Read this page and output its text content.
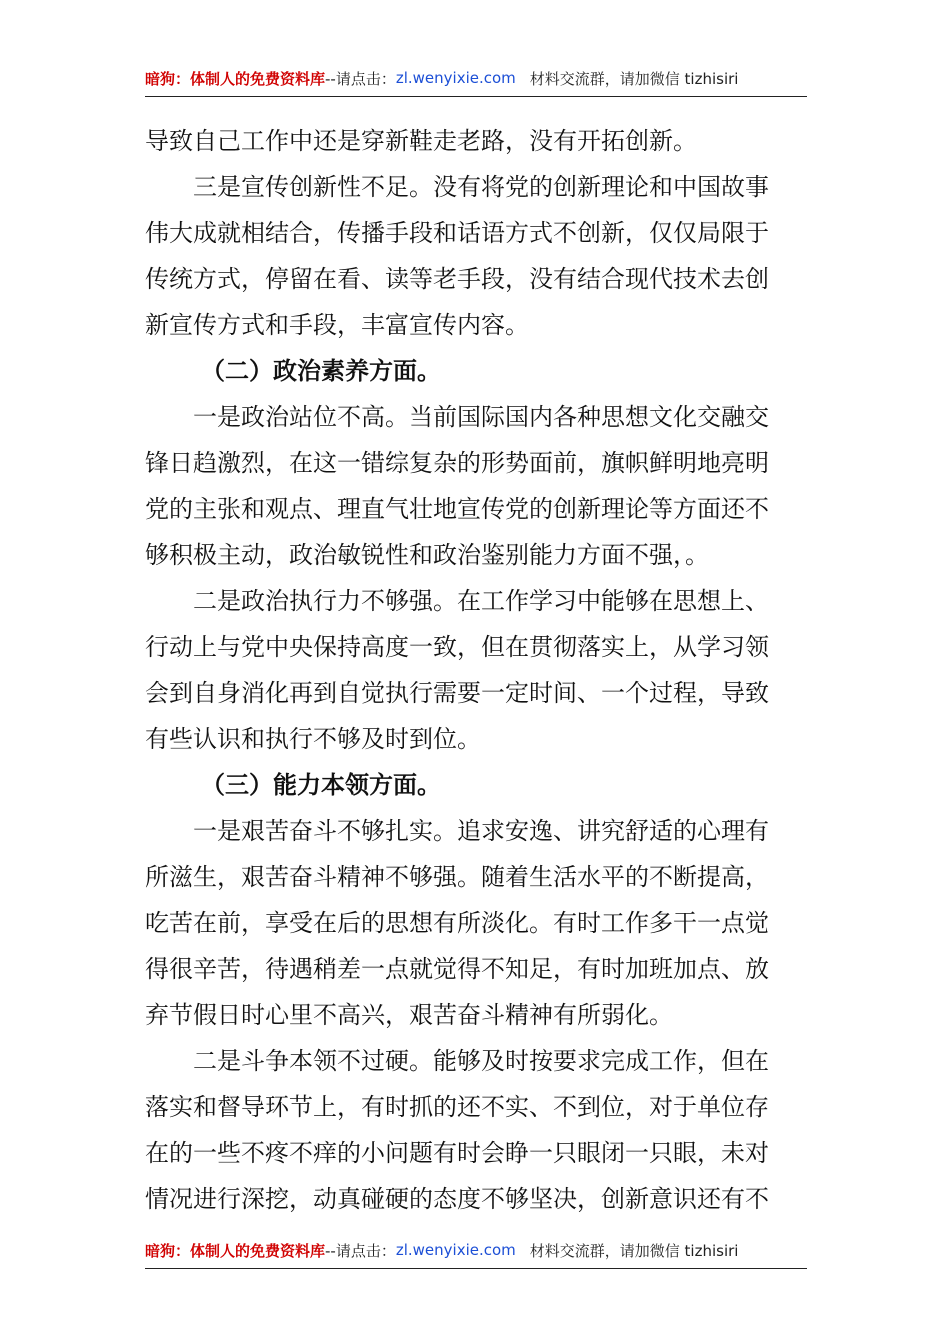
暗狗：体制人的免费资料库 --请点击： zl.wenyixie.com 材料交流群，请加微信 tizhisiri
导致自己工作中还是穿新鞋走老路，没有开拓创新。
三是宣传创新性不足。没有将党的创新理论和中国故事
伟大成就相结合，传播手段和话语方式不创新，仅仅局限于
传统方式，停留在看、读等老手段，没有结合现代技术去创
新宣传方式和手段，丰富宣传内容。
（二）政治素养方面。
一是政治站位不高。当前国际国内各种思想文化交融交
锋日趋激烈，在这一错综复杂的形势面前，旗帜鲜明地亮明
党的主张和观点、理直气壮地宣传党的创新理论等方面还不
够积极主动，政治敏锐性和政治鉴别能力方面不强，。
二是政治执行力不够强。在工作学习中能够在思想上、
行动上与党中央保持高度一致，但在贯彻落实上，从学习领
会到自身消化再到自觉执行需要一定时间、一个过程，导致
有些认识和执行不够及时到位。
（三）能力本领方面。
一是艰苦奋斗不够扎实。追求安逸、讲究舒适的心理有
所滋生，艰苦奋斗精神不够强。随着生活水平的不断提高，
吃苦在前，享受在后的思想有所淡化。有时工作多干一点觉
得很辛苦，待遇稍差一点就觉得不知足，有时加班加点、放
弃节假日时心里不高兴，艰苦奋斗精神有所弱化。
二是斗争本领不过硬。能够及时按要求完成工作，但在
落实和督导环节上，有时抓的还不实、不到位，对于单位存
在的一些不疼不痒的小问题有时会睁一只眼闭一只眼，未对
情况进行深挖，动真碰硬的态度不够坚决，创新意识还有不
暗狗：体制人的免费资料库 --请点击： zl.wenyixie.com 材料交流群，请加微信 tizhisiri
